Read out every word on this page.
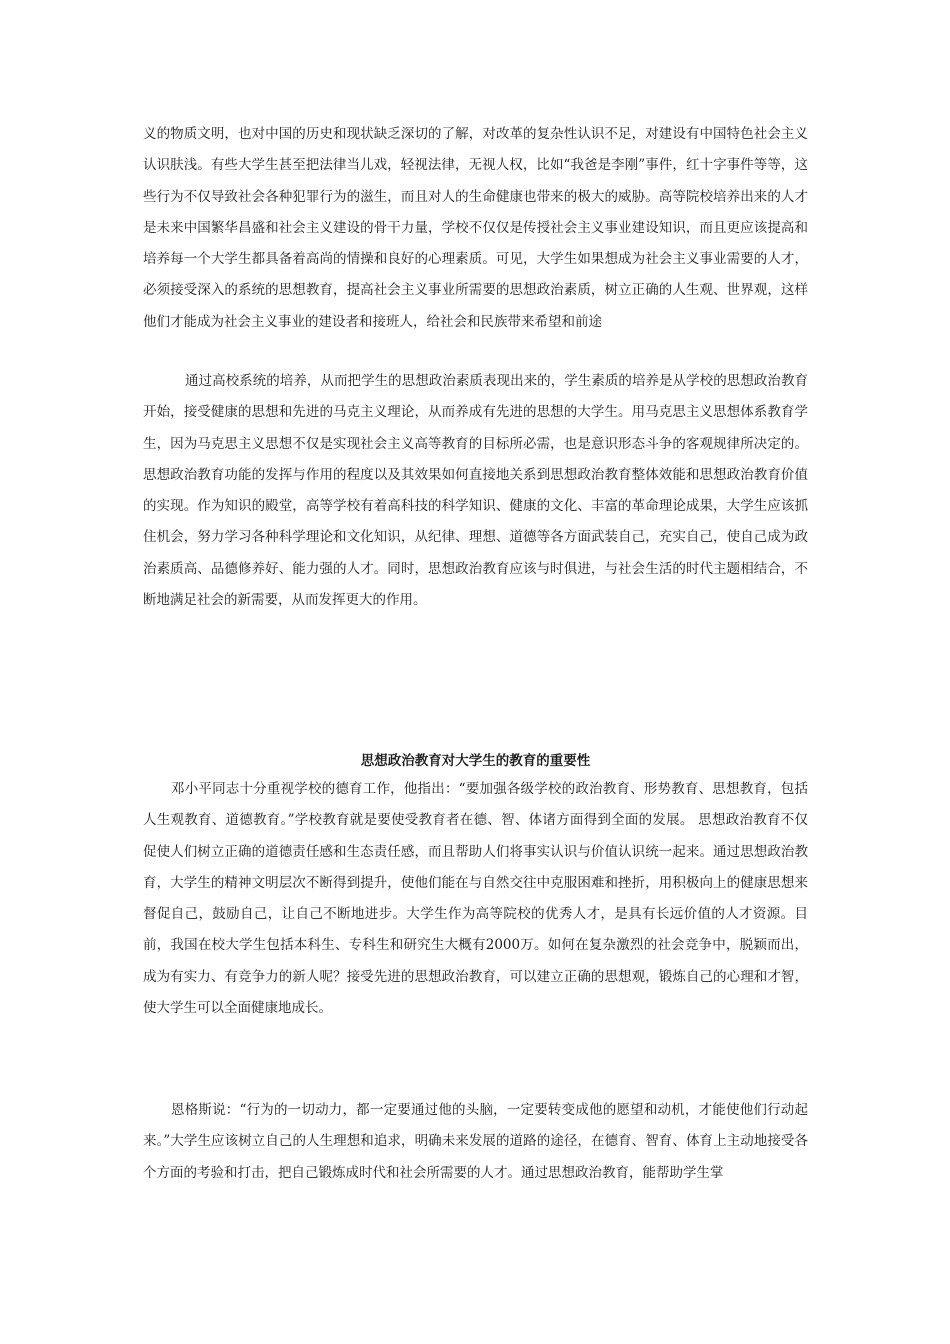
义的物质文明，也对中国的历史和现状缺乏深切的了解，对改革的复杂性认识不足，对建设有中国特色社会主义认识肤浅。有些大学生甚至把法律当儿戏，轻视法律，无视人权，比如“我爸是李刚”事件，红十字事件等等，这些行为不仅导致社会各种犯罪行为的滋生，而且对人的生命健康也带来的极大的威胁。高等院校培养出来的人才是未来中国繁华昌盛和社会主义建设的骨干力量，学校不仅仅是传授社会主义事业建设知识，而且更应该提高和培养每一个大学生都具备着高尚的情操和良好的心理素质。可见，大学生如果想成为社会主义事业需要的人才，必须接受深入的系统的思想教育，提高社会主义事业所需要的思想政治素质，树立正确的人生观、世界观，这样他们才能成为社会主义事业的建设者和接班人，给社会和民族带来希望和前途

通过高校系统的培养，从而把学生的思想政治素质表现出来的，学生素质的培养是从学校的思想政治教育开始，接受健康的思想和先进的马克主义理论，从而养成有先进的思想的大学生。用马克思主义思想体系教育学生，因为马克思主义思想不仅是实现社会主义高等教育的目标所必需，也是意识形态斗争的客观规律所决定的。思想政治教育功能的发挥与作用的程度以及其效果如何直接地关系到思想政治教育整体效能和思想政治教育价值的实现。作为知识的殿堂，高等学校有着高科技的科学知识、健康的文化、丰富的革命理论成果，大学生应该抓住机会，努力学习各种科学理论和文化知识，从纪律、理想、道德等各方面武装自己，充实自己，使自己成为政治素质高、品德修养好、能力强的人才。同时，思想政治教育应该与时俱进，与社会生活的时代主题相结合，不断地满足社会的新需要，从而发挥更大的作用。

思想政治教育对大学生的教育的重要性

邓小平同志十分重视学校的德育工作，他指出：“要加强各级学校的政治教育、形势教育、思想教育，包括人生观教育、道德教育。”学校教育就是要使受教育者在德、智、体诸方面得到全面的发展。 思想政治教育不仅促使人们树立正确的道德责任感和生态责任感，而且帮助人们将事实认识与价值认识统一起来。通过思想政治教育，大学生的精神文明层次不断得到提升，使他们能在与自然交往中克服困难和挫折，用积极向上的健康思想来督促自己，鼓励自己，让自己不断地进步。大学生作为高等院校的优秀人才，是具有长远价值的人才资源。目前，我国在校大学生包括本科生、专科生和研究生大概有2000万。如何在复杂激烈的社会竞争中，脱颖而出，成为有实力、有竞争力的新人呢？接受先进的思想政治教育，可以建立正确的思想观，锻炼自己的心理和才智，使大学生可以全面健康地成长。

恩格斯说：“行为的一切动力，都一定要通过他的头脑，一定要转变成他的愿望和动机，才能使他们行动起来。”大学生应该树立自己的人生理想和追求，明确未来发展的道路的途径，在德育、智育、体育上主动地接受各个方面的考验和打击，把自己锻炼成时代和社会所需要的人才。通过思想政治教育，能帮助学生掌
